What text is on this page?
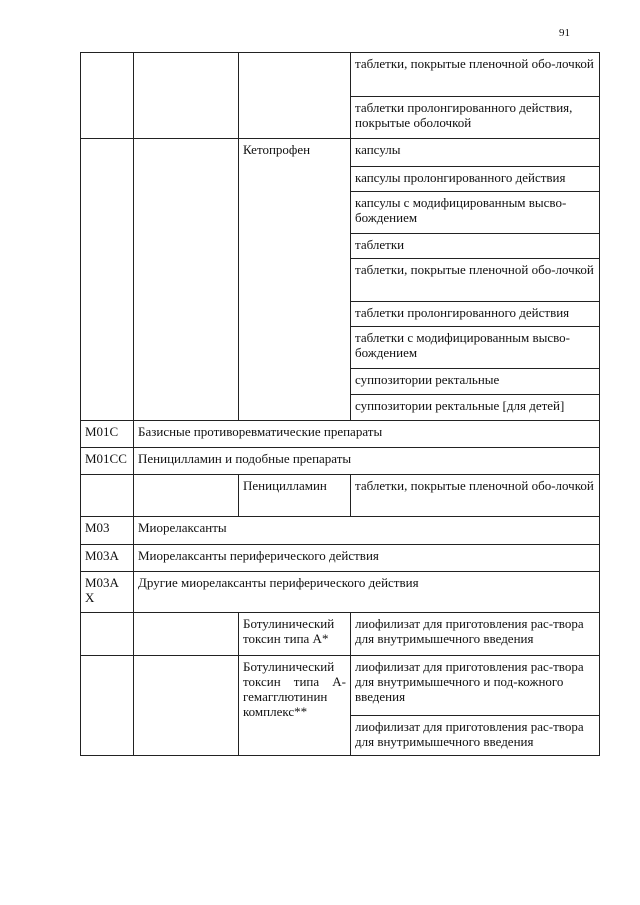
91
			таблетки, покрытые пленочной обо-лочкой
			таблетки пролонгированного действия, покрытые оболочкой
		Кетопрофен	капсулы
			капсулы пролонгированного действия
			капсулы с модифицированным высво-бождением
			таблетки
			таблетки, покрытые пленочной обо-лочкой
			таблетки пролонгированного действия
			таблетки с модифицированным высво-бождением
			суппозитории ректальные
			суппозитории ректальные [для детей]
M01C	Базисные противоревматические препараты		
M01CC	Пеницилламин и подобные препараты		
		Пеницилламин	таблетки, покрытые пленочной обо-лочкой
M03	Миорелаксанты		
M03A	Миорелаксанты периферического действия		
M03A X	Другие миорелаксанты периферического действия		
		Ботулинический токсин типа А*	лиофилизат для приготовления рас-твора для внутримышечного введения
		Ботулинический токсин типа А-гемагглютинин комплекс**	лиофилизат для приготовления рас-твора для внутримышечного и под-кожного введения
			лиофилизат для приготовления рас-твора для внутримышечного введения
